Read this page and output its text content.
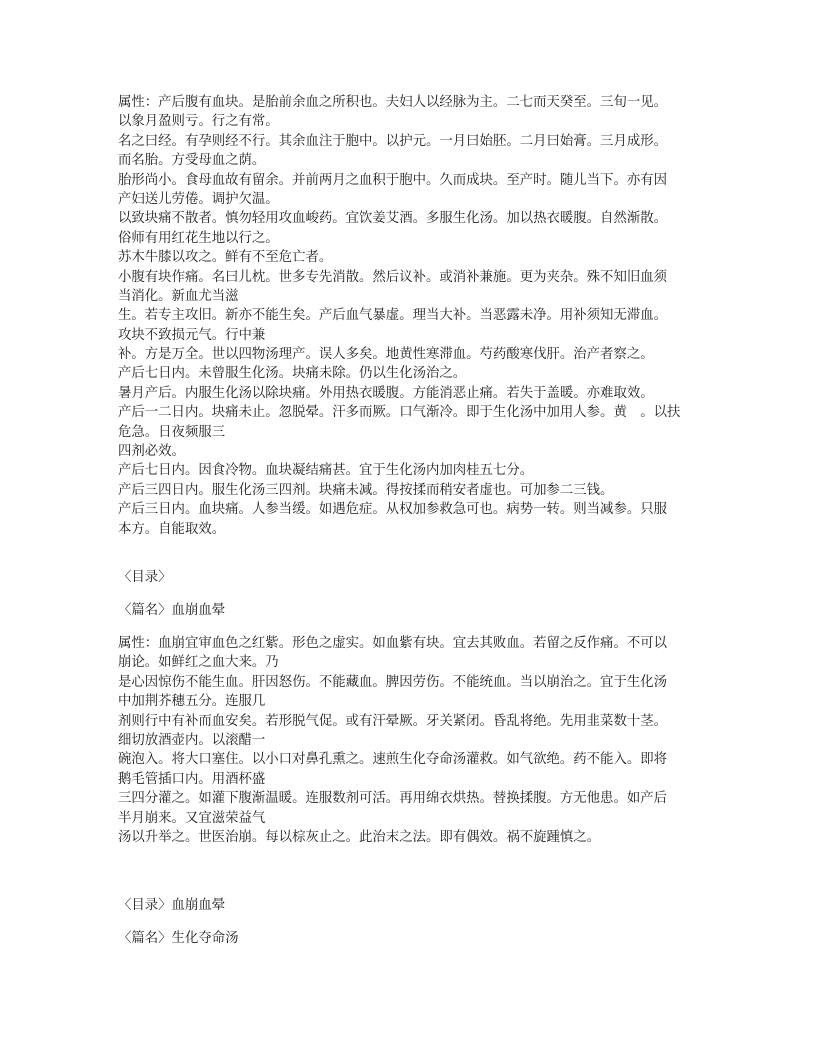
属性：产后腹有血块。是胎前余血之所积也。夫妇人以经脉为主。二七而天癸至。三旬一见。
以象月盈则亏。行之有常。
名之曰经。有孕则经不行。其余血注于胞中。以护元。一月曰始胚。二月曰始膏。三月成形。
而名胎。方受母血之荫。
胎形尚小。食母血故有留余。并前两月之血积于胞中。久而成块。至产时。随儿当下。亦有因
产妇送儿劳倦。调护欠温。
以致块痛不散者。慎勿轻用攻血峻药。宜饮姜艾酒。多服生化汤。加以热衣暖腹。自然渐散。
俗师有用红花生地以行之。
苏木牛膝以攻之。鲜有不至危亡者。
小腹有块作痛。名曰儿枕。世多专先消散。然后议补。或消补兼施。更为夹杂。殊不知旧血须
当消化。新血尤当滋
生。若专主攻旧。新亦不能生矣。产后血气暴虚。理当大补。当恶露未净。用补须知无滞血。
攻块不致损元气。行中兼
补。方是万全。世以四物汤理产。误人多矣。地黄性寒滞血。芍药酸寒伐肝。治产者察之。
产后七日内。未曾服生化汤。块痛未除。仍以生化汤治之。
暑月产后。内服生化汤以除块痛。外用热衣暖腹。方能消恶止痛。若失于盖暖。亦难取效。
产后一二日内。块痛未止。忽脱晕。汗多而厥。口气渐冷。即于生化汤中加用人参。黄　。以扶
危急。日夜频服三
四剂必效。
产后七日内。因食冷物。血块凝结痛甚。宜于生化汤内加肉桂五七分。
产后三四日内。服生化汤三四剂。块痛未减。得按揉而稍安者虚也。可加参二三钱。
产后三日内。血块痛。人参当缓。如遇危症。从权加参救急可也。病势一转。则当减参。只服
本方。自能取效。
〈目录〉
〈篇名〉血崩血晕
属性：血崩宜审血色之红紫。形色之虚实。如血紫有块。宜去其败血。若留之反作痛。不可以
崩论。如鲜红之血大来。乃
是心因惊伤不能生血。肝因怒伤。不能藏血。脾因劳伤。不能统血。当以崩治之。宜于生化汤
中加荆芥穗五分。连服几
剂则行中有补而血安矣。若形脱气促。或有汗晕厥。牙关紧闭。昏乱将绝。先用韭菜数十茎。
细切放酒壶内。以滚醋一
碗泡入。将大口塞住。以小口对鼻孔熏之。速煎生化夺命汤灌救。如气欲绝。药不能入。即将
鹅毛管插口内。用酒杯盛
三四分灌之。如灌下腹渐温暖。连服数剂可活。再用绵衣烘热。替换揉腹。方无他患。如产后
半月崩来。又宜滋荣益气
汤以升举之。世医治崩。每以棕灰止之。此治末之法。即有偶效。祸不旋踵慎之。
〈目录〉血崩血晕
〈篇名〉生化夺命汤
